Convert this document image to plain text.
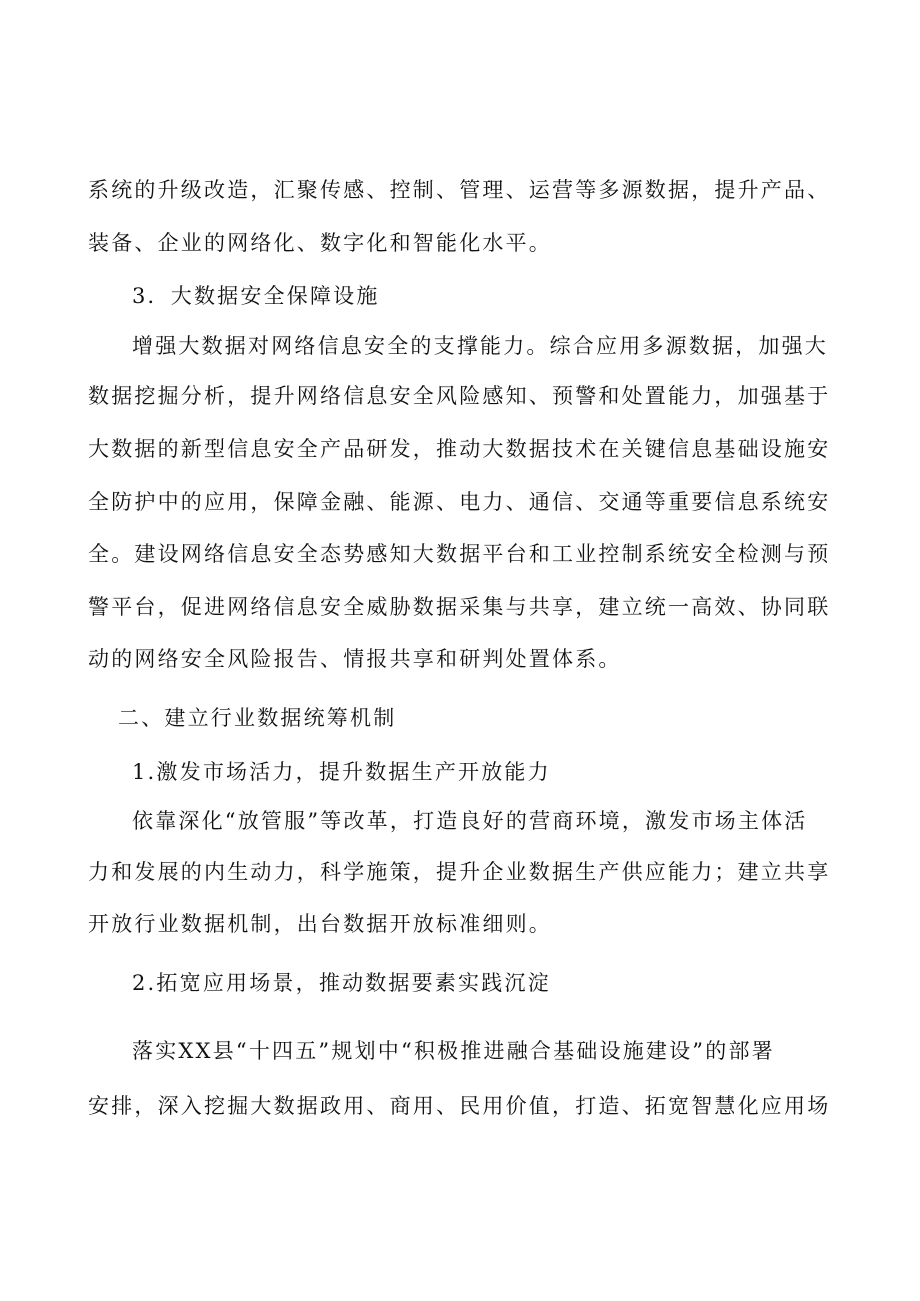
系统的升级改造，汇聚传感、控制、管理、运营等多源数据，提升产品、
装备、企业的网络化、数字化和智能化水平。
3．大数据安全保障设施
增强大数据对网络信息安全的支撑能力。综合应用多源数据，加强大
数据挖掘分析，提升网络信息安全风险感知、预警和处置能力，加强基于
大数据的新型信息安全产品研发，推动大数据技术在关键信息基础设施安
全防护中的应用，保障金融、能源、电力、通信、交通等重要信息系统安
全。建设网络信息安全态势感知大数据平台和工业控制系统安全检测与预
警平台，促进网络信息安全威胁数据采集与共享，建立统一高效、协同联
动的网络安全风险报告、情报共享和研判处置体系。
二、建立行业数据统筹机制
1.激发市场活力，提升数据生产开放能力
依靠深化“放管服”等改革，打造良好的营商环境，激发市场主体活
力和发展的内生动力，科学施策，提升企业数据生产供应能力；建立共享
开放行业数据机制，出台数据开放标准细则。
2.拓宽应用场景，推动数据要素实践沉淀
落实XX县“十四五”规划中“积极推进融合基础设施建设”的部署
安排，深入挖掘大数据政用、商用、民用价值，打造、拓宽智慧化应用场
